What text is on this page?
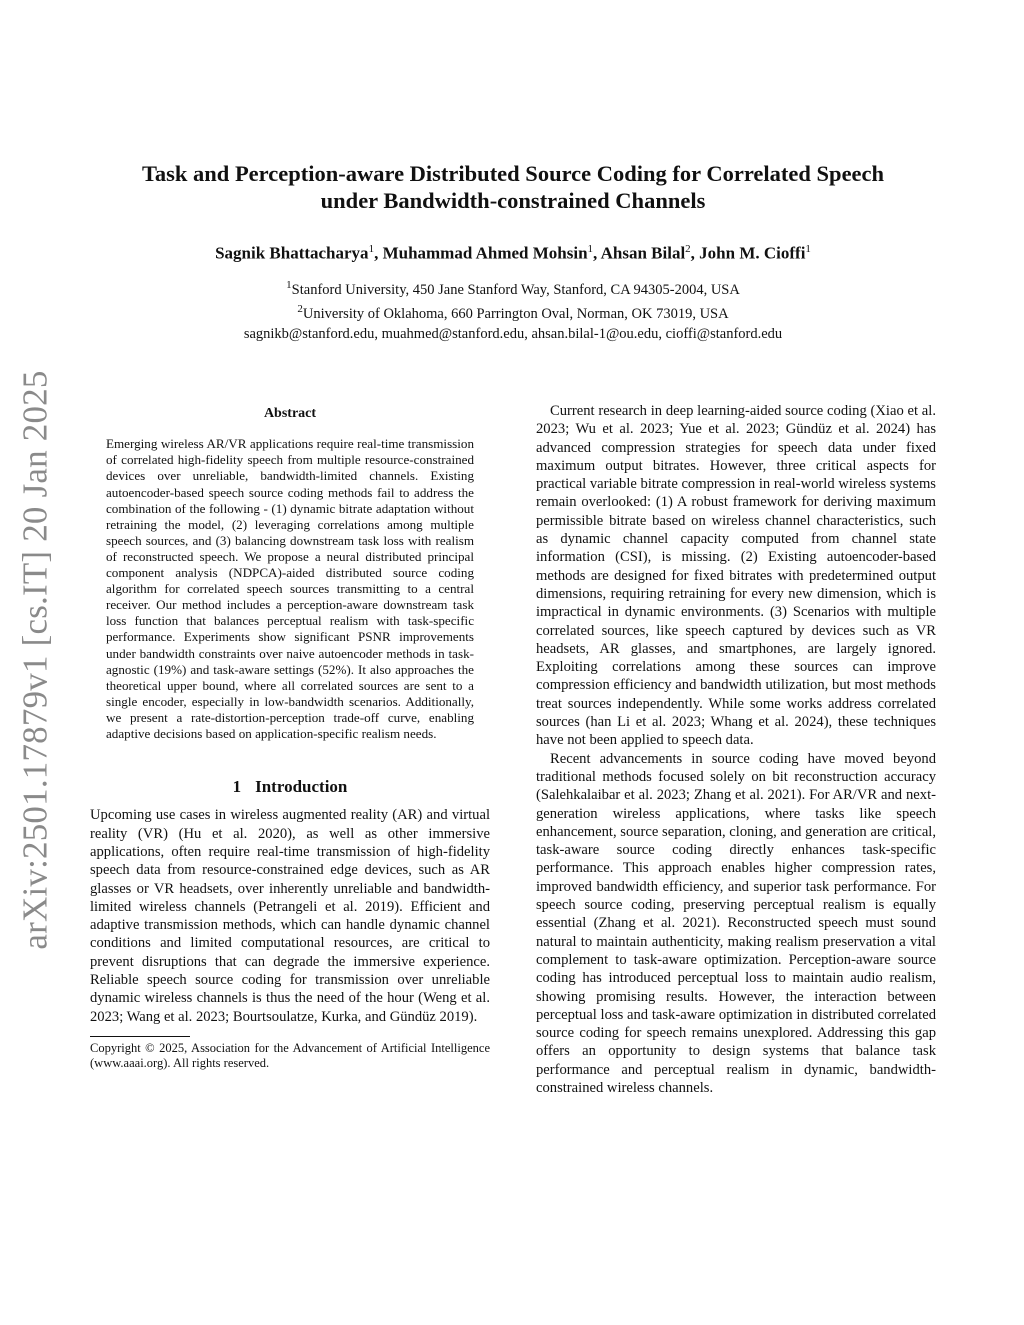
arXiv:2501.17879v1 [cs.IT] 20 Jan 2025

Task and Perception-aware Distributed Source Coding for Correlated Speech

under Bandwidth-constrained Channels

Sagnik Bhattacharya$^1$, Muhammad Ahmed Mohsin$^1$, Ahsan Bilal$^2$, John M. Cioffi$^1$
$^1$Stanford University, 450 Jane Stanford Way, Stanford, CA 94305-2004, USA
$^2$University of Oklahoma, 660 Parrington Oval, Norman, OK 73019, USA
sagnikb@stanford.edu, muahmed@stanford.edu, ahsan.bilal-1@ou.edu, cioffi@stanford.edu
Abstract
Emerging wireless AR/VR applications require real-time transmission of correlated high-fidelity speech from multiple resource-constrained devices over unreliable, bandwidth-limited channels. Existing autoencoder-based speech source coding methods fail to address the combination of the following - (1) dynamic bitrate adaptation without retraining the model, (2) leveraging correlations among multiple speech sources, and (3) balancing downstream task loss with realism of reconstructed speech. We propose a neural distributed principal component analysis (NDPCA)-aided distributed source coding algorithm for correlated speech sources transmitting to a central receiver. Our method includes a perception-aware downstream task loss function that balances perceptual realism with task-specific performance. Experiments show significant PSNR improvements under bandwidth constraints over naive autoencoder methods in task-agnostic (19%) and task-aware settings (52%). It also approaches the theoretical upper bound, where all correlated sources are sent to a single encoder, especially in low-bandwidth scenarios. Additionally, we present a rate-distortion-perception trade-off curve, enabling adaptive decisions based on application-specific realism needs.
1 Introduction

Upcoming use cases in wireless augmented reality (AR) and virtual reality (VR) (Hu et al. 2020), as well as other immersive applications, often require real-time transmission of high-fidelity speech data from resource-constrained edge devices, such as AR glasses or VR headsets, over inherently unreliable and bandwidth-limited wireless channels (Petrangeli et al. 2019). Efficient and adaptive transmission methods, which can handle dynamic channel conditions and limited computational resources, are critical to prevent disruptions that can degrade the immersive experience. Reliable speech source coding for transmission over unreliable dynamic wireless channels is thus the need of the hour (Weng et al. 2023; Wang et al. 2023; Bourtsoulatze, Kurka, and Gündüz 2019).

Copyright © 2025, Association for the Advancement of Artificial Intelligence (www.aaai.org). All rights reserved.

Current research in deep learning-aided source coding (Xiao et al. 2023; Wu et al. 2023; Yue et al. 2023; Gündüz et al. 2024) has advanced compression strategies for speech data under fixed maximum output bitrates. However, three critical aspects for practical variable bitrate compression in real-world wireless systems remain overlooked: (1) A robust framework for deriving maximum permissible bitrate based on wireless channel characteristics, such as dynamic channel capacity computed from channel state information (CSI), is missing. (2) Existing autoencoder-based methods are designed for fixed bitrates with predetermined output dimensions, requiring retraining for every new dimension, which is impractical in dynamic environments. (3) Scenarios with multiple correlated sources, like speech captured by devices such as VR headsets, AR glasses, and smartphones, are largely ignored. Exploiting correlations among these sources can improve compression efficiency and bandwidth utilization, but most methods treat sources independently. While some works address correlated sources (han Li et al. 2023; Whang et al. 2024), these techniques have not been applied to speech data.

Recent advancements in source coding have moved beyond traditional methods focused solely on bit reconstruction accuracy (Salehkalaibar et al. 2023; Zhang et al. 2021). For AR/VR and next-generation wireless applications, where tasks like speech enhancement, source separation, cloning, and generation are critical, task-aware source coding directly enhances task-specific performance. This approach enables higher compression rates, improved bandwidth efficiency, and superior task performance. For speech source coding, preserving perceptual realism is equally essential (Zhang et al. 2021). Reconstructed speech must sound natural to maintain authenticity, making realism preservation a vital complement to task-aware optimization. Perception-aware source coding has introduced perceptual loss to maintain audio realism, showing promising results. However, the interaction between perceptual loss and task-aware optimization in distributed correlated source coding for speech remains unexplored. Addressing this gap offers an opportunity to design systems that balance task performance and perceptual realism in dynamic, bandwidth-constrained wireless channels.
